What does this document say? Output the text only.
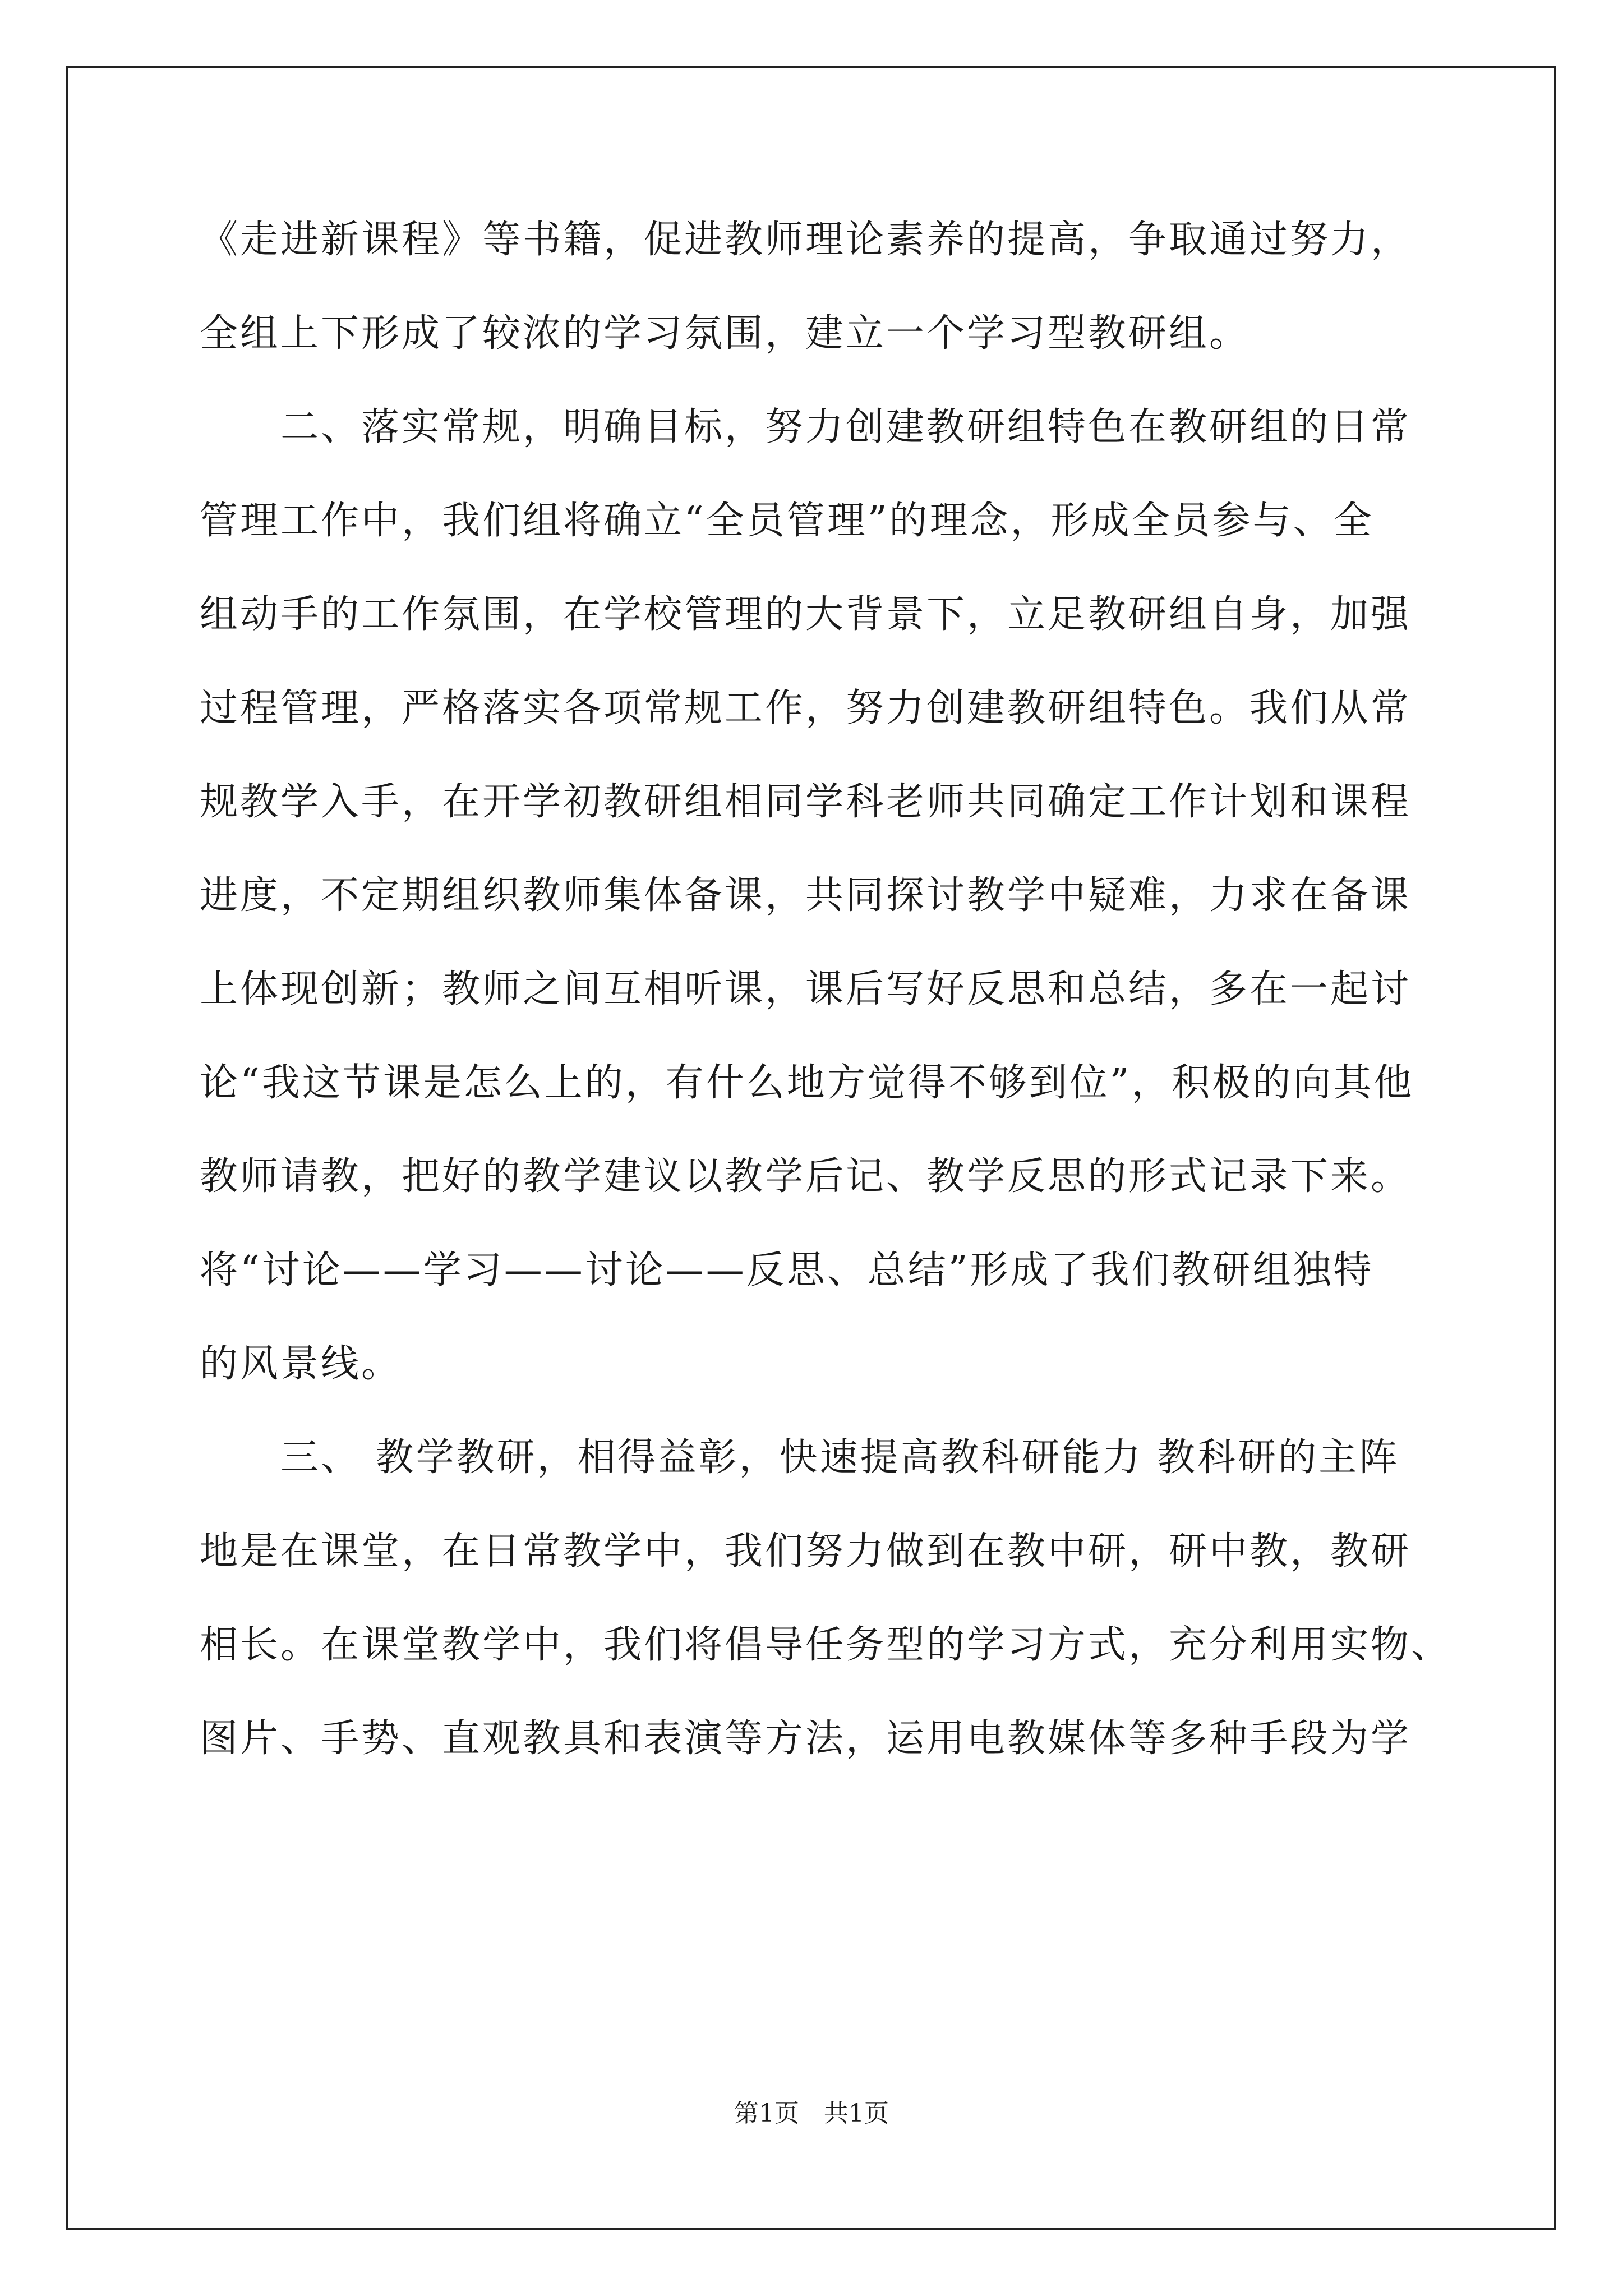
《走进新课程》等书籍，促进教师理论素养的提高，争取通过努力，
全组上下形成了较浓的学习氛围，建立一个学习型教研组。
　　二、落实常规，明确目标，努力创建教研组特色在教研组的日常
管理工作中，我们组将确立“全员管理”的理念，形成全员参与、全
组动手的工作氛围，在学校管理的大背景下，立足教研组自身，加强
过程管理，严格落实各项常规工作，努力创建教研组特色。我们从常
规教学入手，在开学初教研组相同学科老师共同确定工作计划和课程
进度，不定期组织教师集体备课，共同探讨教学中疑难，力求在备课
上体现创新；教师之间互相听课，课后写好反思和总结，多在一起讨
论“我这节课是怎么上的，有什么地方觉得不够到位”，积极的向其他
教师请教，把好的教学建议以教学后记、教学反思的形式记录下来。
将“讨论——学习——讨论——反思、总结”形成了我们教研组独特
的风景线。
　　三、 教学教研，相得益彰，快速提高教科研能力 教科研的主阵
地是在课堂，在日常教学中，我们努力做到在教中研，研中教，教研
相长。在课堂教学中，我们将倡导任务型的学习方式，充分利用实物、
图片、手势、直观教具和表演等方法，运用电教媒体等多种手段为学
第1页　共1页
